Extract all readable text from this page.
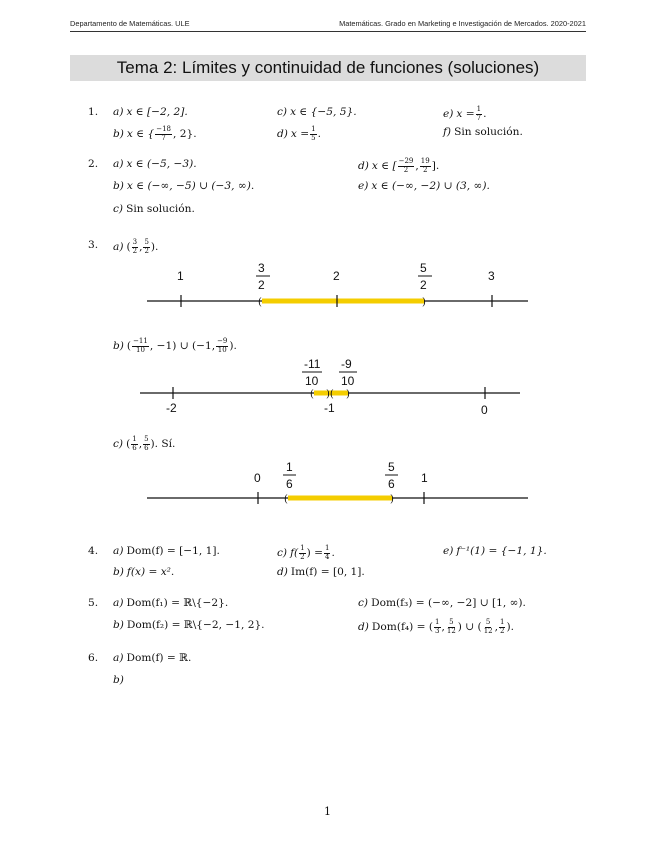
Departamento de Matemáticas. ULE	Matemáticas. Grado en Marketing e Investigación de Mercados. 2020-2021
Tema 2: Límites y continuidad de funciones (soluciones)
1. a) x ∈ [−2, 2].
b) x ∈ { $\frac{-18}{7}$ , 2}.
c) x ∈ {−5, 5}.
d) $x = \frac{1}{5}$ .
e) $x = \frac{1}{7}$ .
f) Sin solución.
2. a) x ∈ (−5, −3).
b) x ∈ (−∞, −5) ∪ (−3, ∞).
c) Sin solución.
d) x ∈ [ $\frac{-29}{2}$ , $\frac{19}{2}$ ].
e) x ∈ (−∞, −2) ∪ (3, ∞).
3. a) ( $\frac{3}{2}$ , $\frac{5}{2}$ ).
(	)
1	2	3
3
2
5
2
( )( )
-2	-1	0
-11
10
-9
10
(	)
0	1
1
6
5
6
b) ( $\frac{-11}{10}$ , −1) ∪ (−1, $\frac{-9}{10}$ ).
c) ( $\frac{1}{6}$ , $\frac{5}{6}$ ). Sí.
4. a) Dom(f) = [−1, 1].
b) f(x) = x².
c) $f( \frac{1}{2}$ ) = $\frac{1}{4}$ .
d) Im(f) = [0, 1].
e) f⁻¹(1) = {−1, 1}.
5. a) Dom(f₁) = ℝ\{−2}.
b) Dom(f₂) = ℝ\{−2, −1, 2}.
c) Dom(f₃) = (−∞, −2] ∪ [1, ∞).
d) Dom(f₄) = ( $\frac{1}{3}$ , $\frac{5}{12}$ ) ∪ ( $\frac{5}{12}$ , $\frac{1}{2}$ ).
6. a) Dom(f) = ℝ.
b)
1
